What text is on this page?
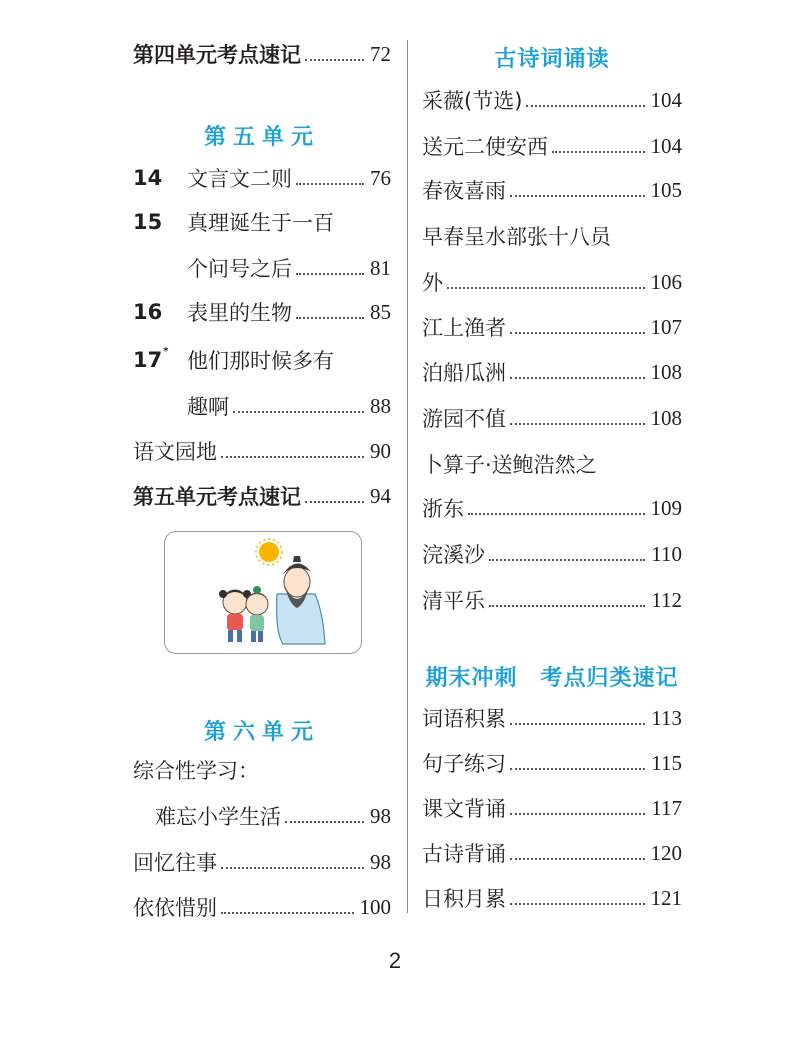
第四单元考点速记	72
第五单元
14	文言文二则	76
15	真理诞生于一百
个问号之后	81
16	表里的生物	85
17 * 他们那时候多有
趣啊	88
语文园地	90
第五单元考点速记	94
第六单元
综合性学习：
难忘小学生活	98
回忆往事	98
依依惜别	100
古诗词诵读
采薇(节选)	104
送元二使安西	104
春夜喜雨	105
早春呈水部张十八员
外	106
江上渔者	107
泊船瓜洲	108
游园不值	108
卜算子·送鲍浩然之
浙东	109
浣溪沙	110
清平乐	112
期末冲刺　考点归类速记
词语积累	113
句子练习	115
课文背诵	117
古诗背诵	120
日积月累	121
2
